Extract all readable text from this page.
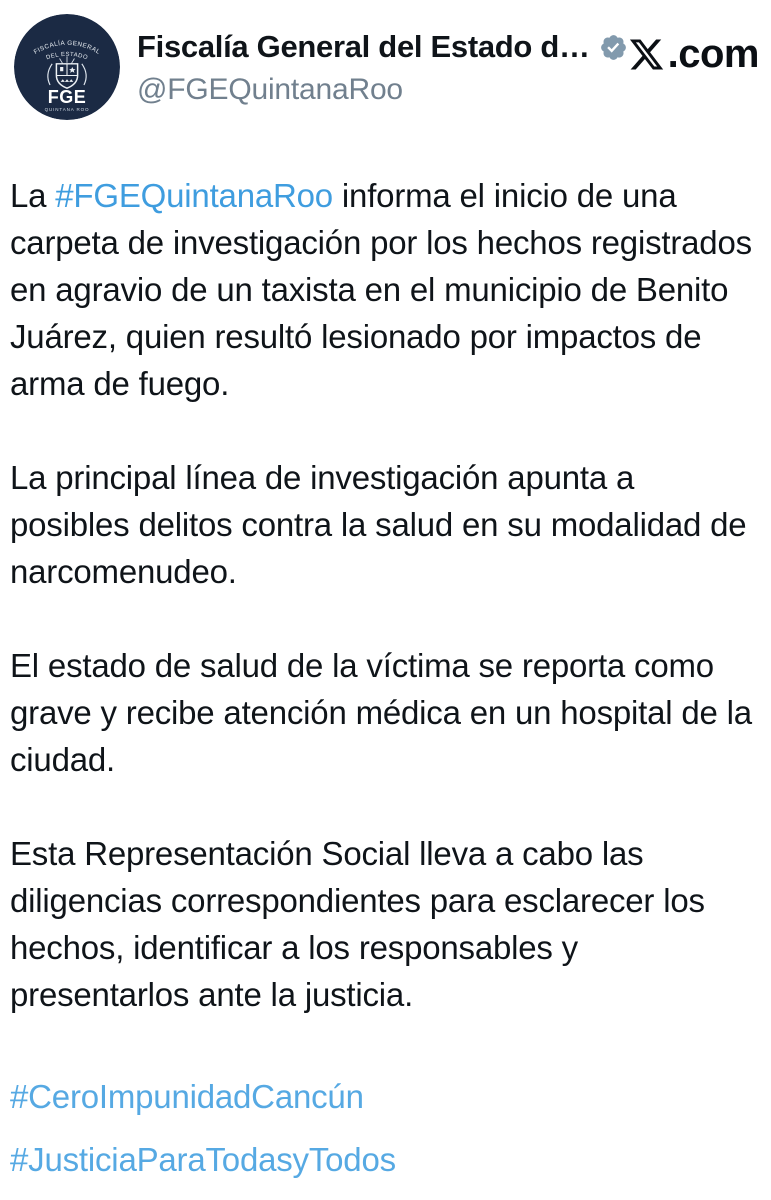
FISCALÍA GENERAL
DEL ESTADO
FGE
QUINTANA ROO
Fiscalía General del Estado d…
@FGEQuintanaRoo
.com

La #FGEQuintanaRoo informa el inicio de una carpeta de investigación por los hechos registrados en agravio de un taxista en el municipio de Benito Juárez, quien resultó lesionado por impactos de arma de fuego.

La principal línea de investigación apunta a posibles delitos contra la salud en su modalidad de narcomenudeo.

El estado de salud de la víctima se reporta como grave y recibe atención médica en un hospital de la ciudad.

Esta Representación Social lleva a cabo las diligencias correspondientes para esclarecer los hechos, identificar a los responsables y presentarlos ante la justicia.

#CeroImpunidadCancún

#JusticiaParaTodasyTodos
